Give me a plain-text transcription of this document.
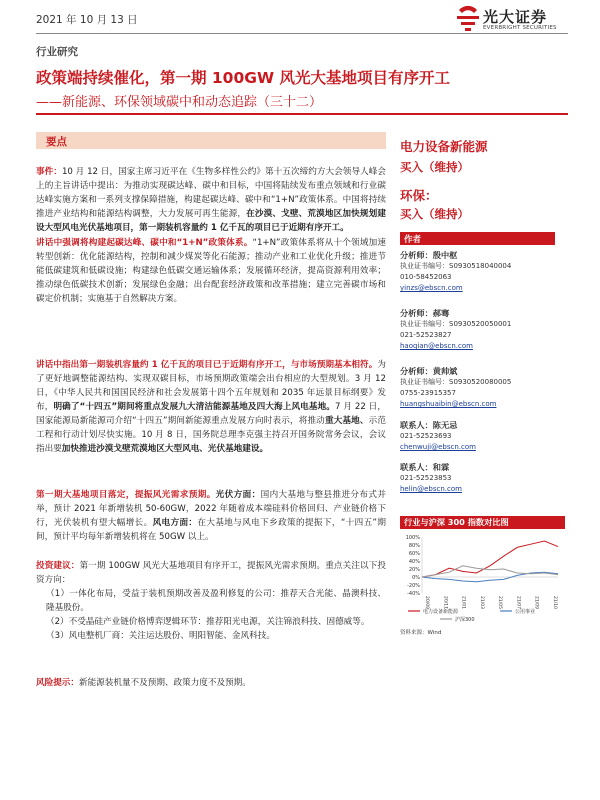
2021 年 10 月 13 日	光大证券
EVERBRIGHT SECURITIES
行业研究
政策端持续催化，第一期 100GW 风光大基地项目有序开工
——新能源、环保领域碳中和动态追踪（三十二）
要点
事件：10 月 12 日，国家主席习近平在《生物多样性公约》第十五次缔约方大会领导人峰会上的主旨讲话中提出：为推动实现碳达峰、碳中和目标，中国将陆续发布重点领域和行业碳达峰实施方案和一系列支撑保障措施，构建起碳达峰、碳中和“1+N”政策体系。中国将持续推进产业结构和能源结构调整，大力发展可再生能源，在沙漠、戈壁、荒漠地区加快规划建设大型风电光伏基地项目，第一期装机容量约 1 亿千瓦的项目已于近期有序开工。
讲话中强调将构建起碳达峰、碳中和“1+N”政策体系。“1+N”政策体系将从十个领域加速转型创新：优化能源结构，控制和减少煤炭等化石能源；推动产业和工业优化升级；推进节能低碳建筑和低碳设施；构建绿色低碳交通运输体系；发展循环经济，提高资源利用效率；推动绿色低碳技术创新；发展绿色金融；出台配套经济政策和改革措施；建立完善碳市场和碳定价机制；实施基于自然解决方案。
讲话中指出第一期装机容量约 1 亿千瓦的项目已于近期有序开工，与市场预期基本相符。为了更好地调整能源结构、实现双碳目标，市场预期政策端会出台相应的大型规划。3 月 12 日，《中华人民共和国国民经济和社会发展第十四个五年规划和 2035 年远景目标纲要》发布，明确了“十四五”期间将重点发展九大清洁能源基地及四大海上风电基地。7 月 22 日，国家能源局新能源司介绍“十四五”期间新能源重点发展方向时表示，将推动重大基地、示范工程和行动计划尽快实施。10 月 8 日，国务院总理李克强主持召开国务院常务会议，会议指出要加快推进沙漠戈壁荒漠地区大型风电、光伏基地建设。
第一期大基地项目落定，提振风光需求预期。光伏方面：国内大基地与整县推进分布式并举，预计 2021 年新增装机 50-60GW，2022 年随着成本端硅料价格回归、产业链价格下行，光伏装机有望大幅增长。风电方面：在大基地与风电下乡政策的提振下，“十四五”期间，预计平均每年新增装机将在 50GW 以上。
投资建议：第一期 100GW 风光大基地项目有序开工，提振风光需求预期。重点关注以下投资方向：
（1）一体化布局，受益于装机预期改善及盈利修复的公司：推荐天合光能、晶澳科技、隆基股份。
（2）不受晶硅产业链价格博弈逻辑环节：推荐阳光电源，关注锦浪科技、固德威等。
（3）风电整机厂商：关注运达股份、明阳智能、金风科技。
风险提示：新能源装机量不及预期、政策力度不及预期。
电力设备新能源
买入（维持）
环保：
买入（维持）
作者
分析师：殷中枢
执业证书编号：S0930518040004
010-58452063
yinzs@ebscn.com
分析师：郝骞
执业证书编号：S0930520050001
021-52523827
haoqian@ebscn.com
分析师：黄帅斌
执业证书编号：S0930520080005
0755-23915357
huangshuaibin@ebscn.com
联系人：陈无忌
021-52523693
chenwuji@ebscn.com
联系人：和霖
021-52523853
helin@ebscn.com
行业与沪深 300 指数对比图
100%
80%
60%
40%
20%
0%
-20%
-40%
20/09	20/11	21/01	21/03	21/05	21/07	21/09	21/10
电力设备新能源	公用事业
沪深300
资料来源：Wind
